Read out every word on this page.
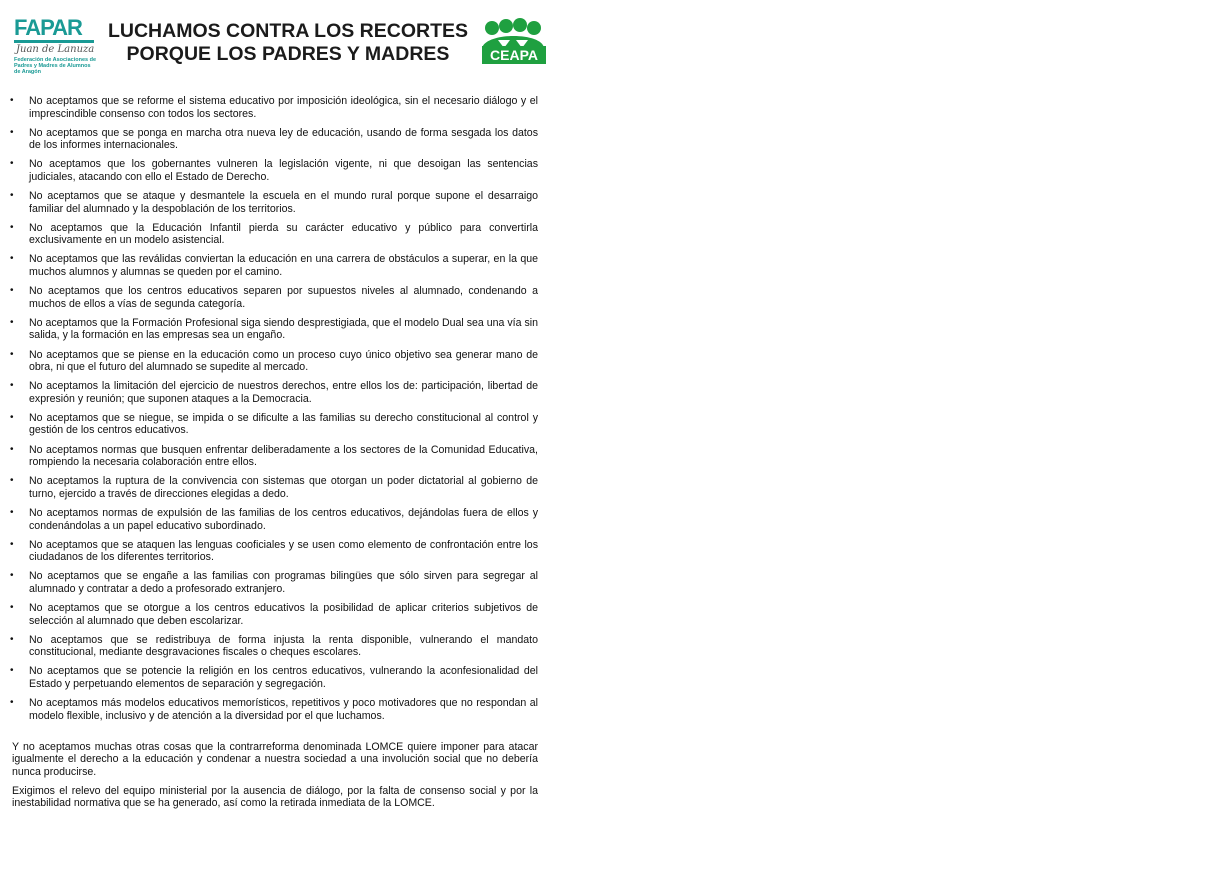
FAPAR
Juan de Lanuza
Federación de Asociaciones de Padres y Madres de Alumnos de Aragón
LUCHAMOS CONTRA LOS RECORTES
PORQUE LOS PADRES Y MADRES	CEAPA
• No aceptamos que se reforme el sistema educativo por imposición ideológica, sin el necesario diálogo y el imprescindible consenso con todos los sectores.
• No aceptamos que se ponga en marcha otra nueva ley de educación, usando de forma sesgada los datos de los informes internacionales.
• No aceptamos que los gobernantes vulneren la legislación vigente, ni que desoigan las sentencias judiciales, atacando con ello el Estado de Derecho.
• No aceptamos que se ataque y desmantele la escuela en el mundo rural porque supone el desarraigo familiar del alumnado y la despoblación de los territorios.
• No aceptamos que la Educación Infantil pierda su carácter educativo y público para convertirla exclusivamente en un modelo asistencial.
• No aceptamos que las reválidas conviertan la educación en una carrera de obstáculos a superar, en la que muchos alumnos y alumnas se queden por el camino.
• No aceptamos que los centros educativos separen por supuestos niveles al alumnado, condenando a muchos de ellos a vías de segunda categoría.
• No aceptamos que la Formación Profesional siga siendo desprestigiada, que el modelo Dual sea una vía sin salida, y la formación en las empresas sea un engaño.
• No aceptamos que se piense en la educación como un proceso cuyo único objetivo sea generar mano de obra, ni que el futuro del alumnado se supedite al mercado.
• No aceptamos la limitación del ejercicio de nuestros derechos, entre ellos los de: participación, libertad de expresión y reunión; que suponen ataques a la Democracia.
• No aceptamos que se niegue, se impida o se dificulte a las familias su derecho constitucional al control y gestión de los centros educativos.
• No aceptamos normas que busquen enfrentar deliberadamente a los sectores de la Comunidad Educativa, rompiendo la necesaria colaboración entre ellos.
• No aceptamos la ruptura de la convivencia con sistemas que otorgan un poder dictatorial al gobierno de turno, ejercido a través de direcciones elegidas a dedo.
• No aceptamos normas de expulsión de las familias de los centros educativos, dejándolas fuera de ellos y condenándolas a un papel educativo subordinado.
• No aceptamos que se ataquen las lenguas cooficiales y se usen como elemento de confrontación entre los ciudadanos de los diferentes territorios.
• No aceptamos que se engañe a las familias con programas bilingües que sólo sirven para segregar al alumnado y contratar a dedo a profesorado extranjero.
• No aceptamos que se otorgue a los centros educativos la posibilidad de aplicar criterios subjetivos de selección al alumnado que deben escolarizar.
• No aceptamos que se redistribuya de forma injusta la renta disponible, vulnerando el mandato constitucional, mediante desgravaciones fiscales o cheques escolares.
• No aceptamos que se potencie la religión en los centros educativos, vulnerando la aconfesionalidad del Estado y perpetuando elementos de separación y segregación.
• No aceptamos más modelos educativos memorísticos, repetitivos y poco motivadores que no respondan al modelo flexible, inclusivo y de atención a la diversidad por el que luchamos.

Y no aceptamos muchas otras cosas que la contrarreforma denominada LOMCE quiere imponer para atacar igualmente el derecho a la educación y condenar a nuestra sociedad a una involución social que no debería nunca producirse.

Exigimos el relevo del equipo ministerial por la ausencia de diálogo, por la falta de consenso social y por la inestabilidad normativa que se ha generado, así como la retirada inmediata de la LOMCE.
